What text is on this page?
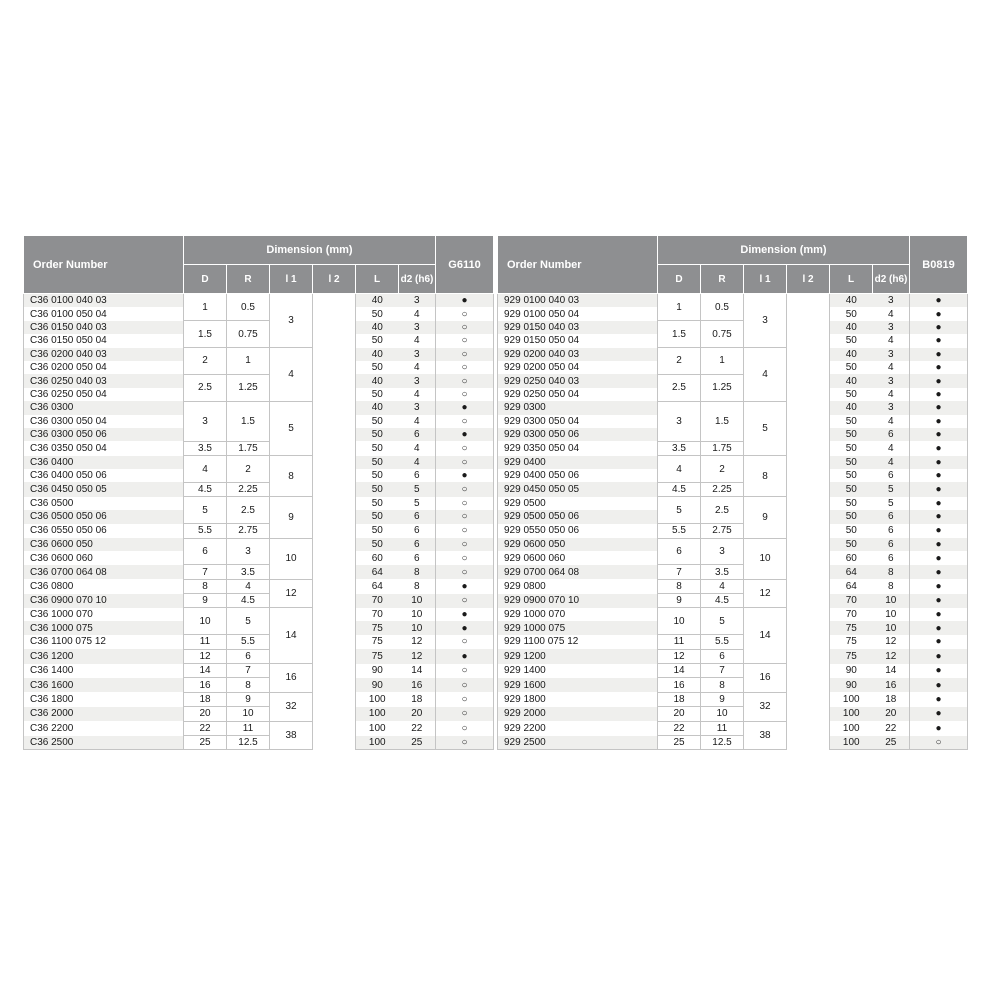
Order Number	Dimension (mm)						G6110
	D	R	l 1	l 2	L	d2 (h6)	
C36 0100 040 03	1	0.5	3		40	3	●
C36 0100 050 04					50	4	○
C36 0150 040 03	1.5	0.75			40	3	○
C36 0150 050 04					50	4	○
C36 0200 040 03	2	1	4		40	3	○
C36 0200 050 04					50	4	○
C36 0250 040 03	2.5	1.25			40	3	○
C36 0250 050 04					50	4	○
C36 0300	3	1.5	5		40	3	●
C36 0300 050 04					50	4	○
C36 0300 050 06					50	6	●
C36 0350 050 04	3.5	1.75			50	4	○
C36 0400	4	2	8		50	4	○
C36 0400 050 06					50	6	●
C36 0450 050 05	4.5	2.25			50	5	○
C36 0500	5	2.5	9		50	5	○
C36 0500 050 06					50	6	○
C36 0550 050 06	5.5	2.75			50	6	○
C36 0600 050	6	3	10		50	6	○
C36 0600 060					60	6	○
C36 0700 064 08	7	3.5			64	8	○
C36 0800	8	4	12		64	8	●
C36 0900 070 10	9	4.5			70	10	○
C36 1000 070	10	5	14		70	10	●
C36 1000 075					75	10	●
C36 1100 075 12	11	5.5			75	12	○
C36 1200	12	6			75	12	●
C36 1400	14	7	16		90	14	○
C36 1600	16	8			90	16	○
C36 1800	18	9	32		100	18	○
C36 2000	20	10			100	20	○
C36 2200	22	11	38		100	22	○
C36 2500	25	12.5			100	25	○
Order Number	Dimension (mm)						B0819
	D	R	l 1	l 2	L	d2 (h6)	
929 0100 040 03	1	0.5	3		40	3	●
929 0100 050 04					50	4	●
929 0150 040 03	1.5	0.75			40	3	●
929 0150 050 04					50	4	●
929 0200 040 03	2	1	4		40	3	●
929 0200 050 04					50	4	●
929 0250 040 03	2.5	1.25			40	3	●
929 0250 050 04					50	4	●
929 0300	3	1.5	5		40	3	●
929 0300 050 04					50	4	●
929 0300 050 06					50	6	●
929 0350 050 04	3.5	1.75			50	4	●
929 0400	4	2	8		50	4	●
929 0400 050 06					50	6	●
929 0450 050 05	4.5	2.25			50	5	●
929 0500	5	2.5	9		50	5	●
929 0500 050 06					50	6	●
929 0550 050 06	5.5	2.75			50	6	●
929 0600 050	6	3	10		50	6	●
929 0600 060					60	6	●
929 0700 064 08	7	3.5			64	8	●
929 0800	8	4	12		64	8	●
929 0900 070 10	9	4.5			70	10	●
929 1000 070	10	5	14		70	10	●
929 1000 075					75	10	●
929 1100 075 12	11	5.5			75	12	●
929 1200	12	6			75	12	●
929 1400	14	7	16		90	14	●
929 1600	16	8			90	16	●
929 1800	18	9	32		100	18	●
929 2000	20	10			100	20	●
929 2200	22	11	38		100	22	●
929 2500	25	12.5			100	25	○
